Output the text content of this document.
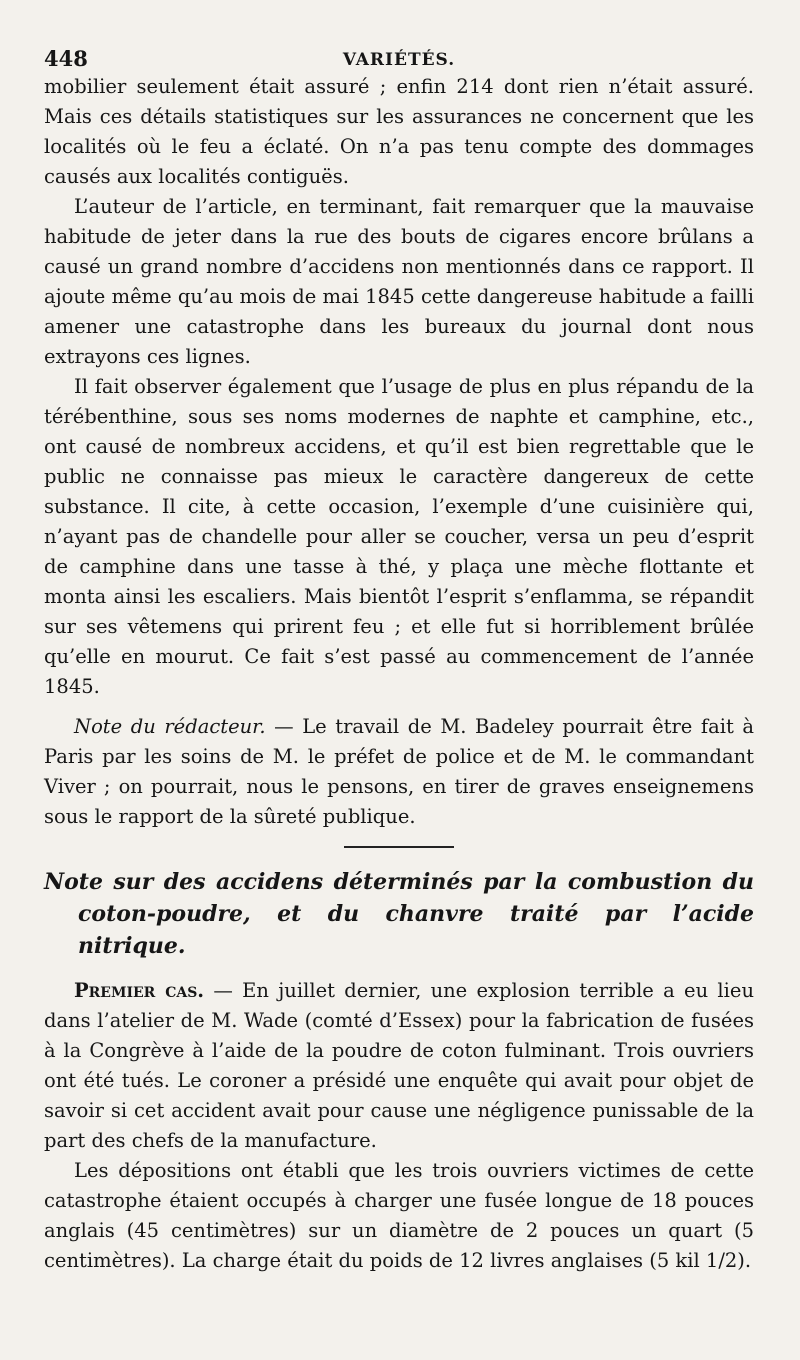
448	VARIÉTÉS.

mobilier seulement était assuré ; enfin 214 dont rien n’était assuré. Mais ces détails statistiques sur les assurances ne concernent que les localités où le feu a éclaté. On n’a pas tenu compte des dommages causés aux localités contiguës.

L’auteur de l’article, en terminant, fait remarquer que la mauvaise habitude de jeter dans la rue des bouts de cigares encore brûlans a causé un grand nombre d’accidens non mentionnés dans ce rapport. Il ajoute même qu’au mois de mai 1845 cette dangereuse habitude a failli amener une catastrophe dans les bureaux du journal dont nous extrayons ces lignes.

Il fait observer également que l’usage de plus en plus répandu de la térébenthine, sous ses noms modernes de naphte et camphine, etc., ont causé de nombreux accidens, et qu’il est bien regrettable que le public ne connaisse pas mieux le caractère dangereux de cette substance. Il cite, à cette occasion, l’exemple d’une cuisinière qui, n’ayant pas de chandelle pour aller se coucher, versa un peu d’esprit de camphine dans une tasse à thé, y plaça une mèche flottante et monta ainsi les escaliers. Mais bientôt l’esprit s’enflamma, se répandit sur ses vêtemens qui prirent feu ; et elle fut si horriblement brûlée qu’elle en mourut. Ce fait s’est passé au commencement de l’année 1845.

Note du rédacteur. — Le travail de M. Badeley pourrait être fait à Paris par les soins de M. le préfet de police et de M. le commandant Viver ; on pourrait, nous le pensons, en tirer de graves enseignemens sous le rapport de la sûreté publique.

Note sur des accidens déterminés par la combustion du coton-poudre, et du chanvre traité par l’acide nitrique.

Premier cas. — En juillet dernier, une explosion terrible a eu lieu dans l’atelier de M. Wade (comté d’Essex) pour la fabrication de fusées à la Congrève à l’aide de la poudre de coton fulminant. Trois ouvriers ont été tués. Le coroner a présidé une enquête qui avait pour objet de savoir si cet accident avait pour cause une négligence punissable de la part des chefs de la manufacture.

Les dépositions ont établi que les trois ouvriers victimes de cette catastrophe étaient occupés à charger une fusée longue de 18 pouces anglais (45 centimètres) sur un diamètre de 2 pouces un quart (5 centimètres). La charge était du poids de 12 livres anglaises (5 kil 1/2).
